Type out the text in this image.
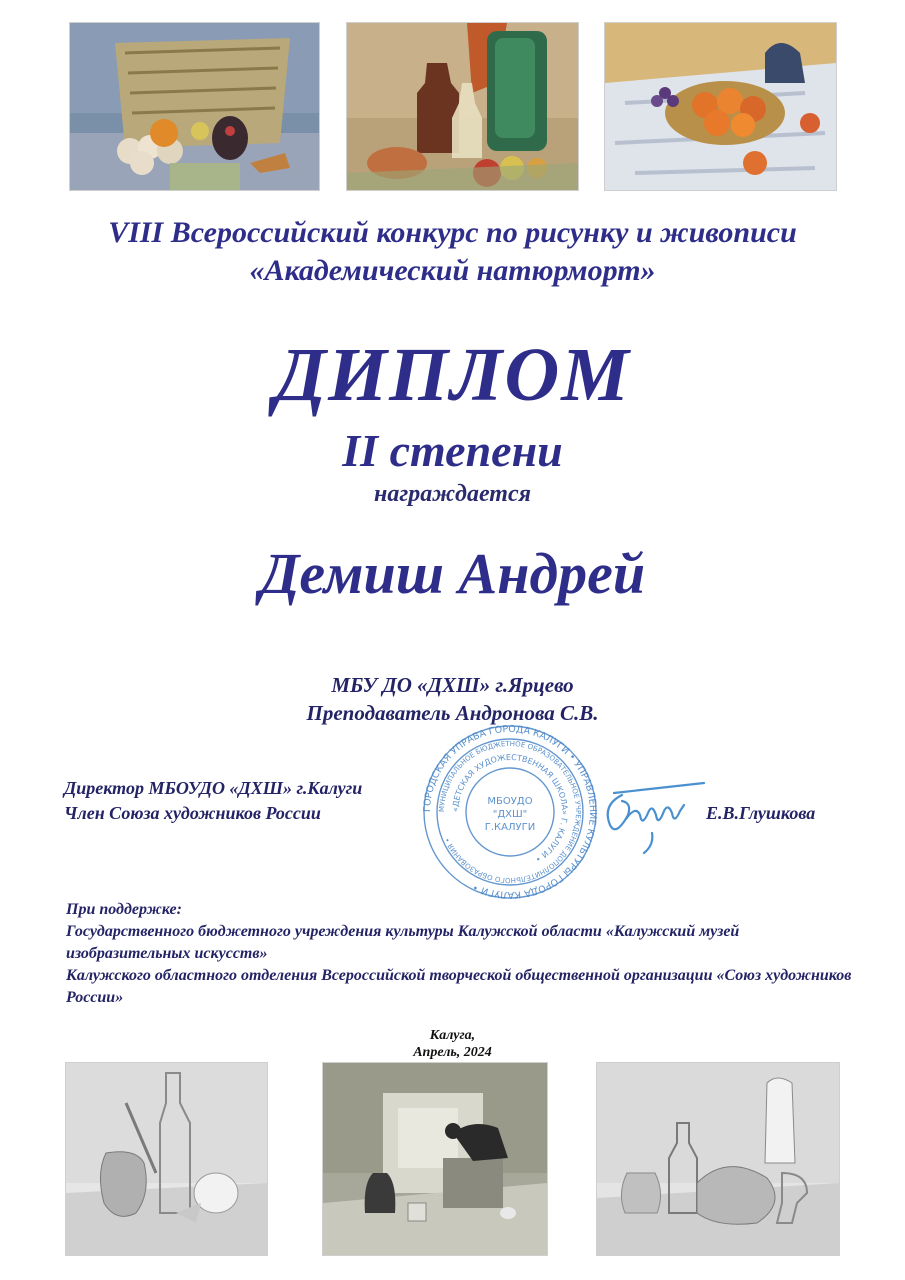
VIII Всероссийский конкурс по рисунку и живописи
«Академический натюрморт»
ДИПЛОМ
II степени
награждается
Демиш Андрей
МБУ ДО «ДХШ» г.Ярцево
Преподаватель Андронова С.В.
Директор МБОУДО «ДХШ» г.Калуги
Член Союза художников России	Е.В.Глушкова
ГОРОДСКАЯ УПРАВА ГОРОДА КАЛУГИ • УПРАВЛЕНИЕ КУЛЬТУРЫ ГОРОДА КАЛУГИ •
МУНИЦИПАЛЬНОЕ БЮДЖЕТНОЕ ОБРАЗОВАТЕЛЬНОЕ УЧРЕЖДЕНИЕ ДОПОЛНИТЕЛЬНОГО ОБРАЗОВАНИЯ •
«ДЕТСКАЯ ХУДОЖЕСТВЕННАЯ ШКОЛА» Г. КАЛУГИ •
МБОУДО
"ДХШ"
Г.КАЛУГИ
При поддержке:
Государственного бюджетного учреждения культуры Калужской области «Калужский музей изобразительных искусств»
Калужского областного отделения Всероссийской творческой общественной организации «Союз художников России»
Калуга,
Апрель, 2024
